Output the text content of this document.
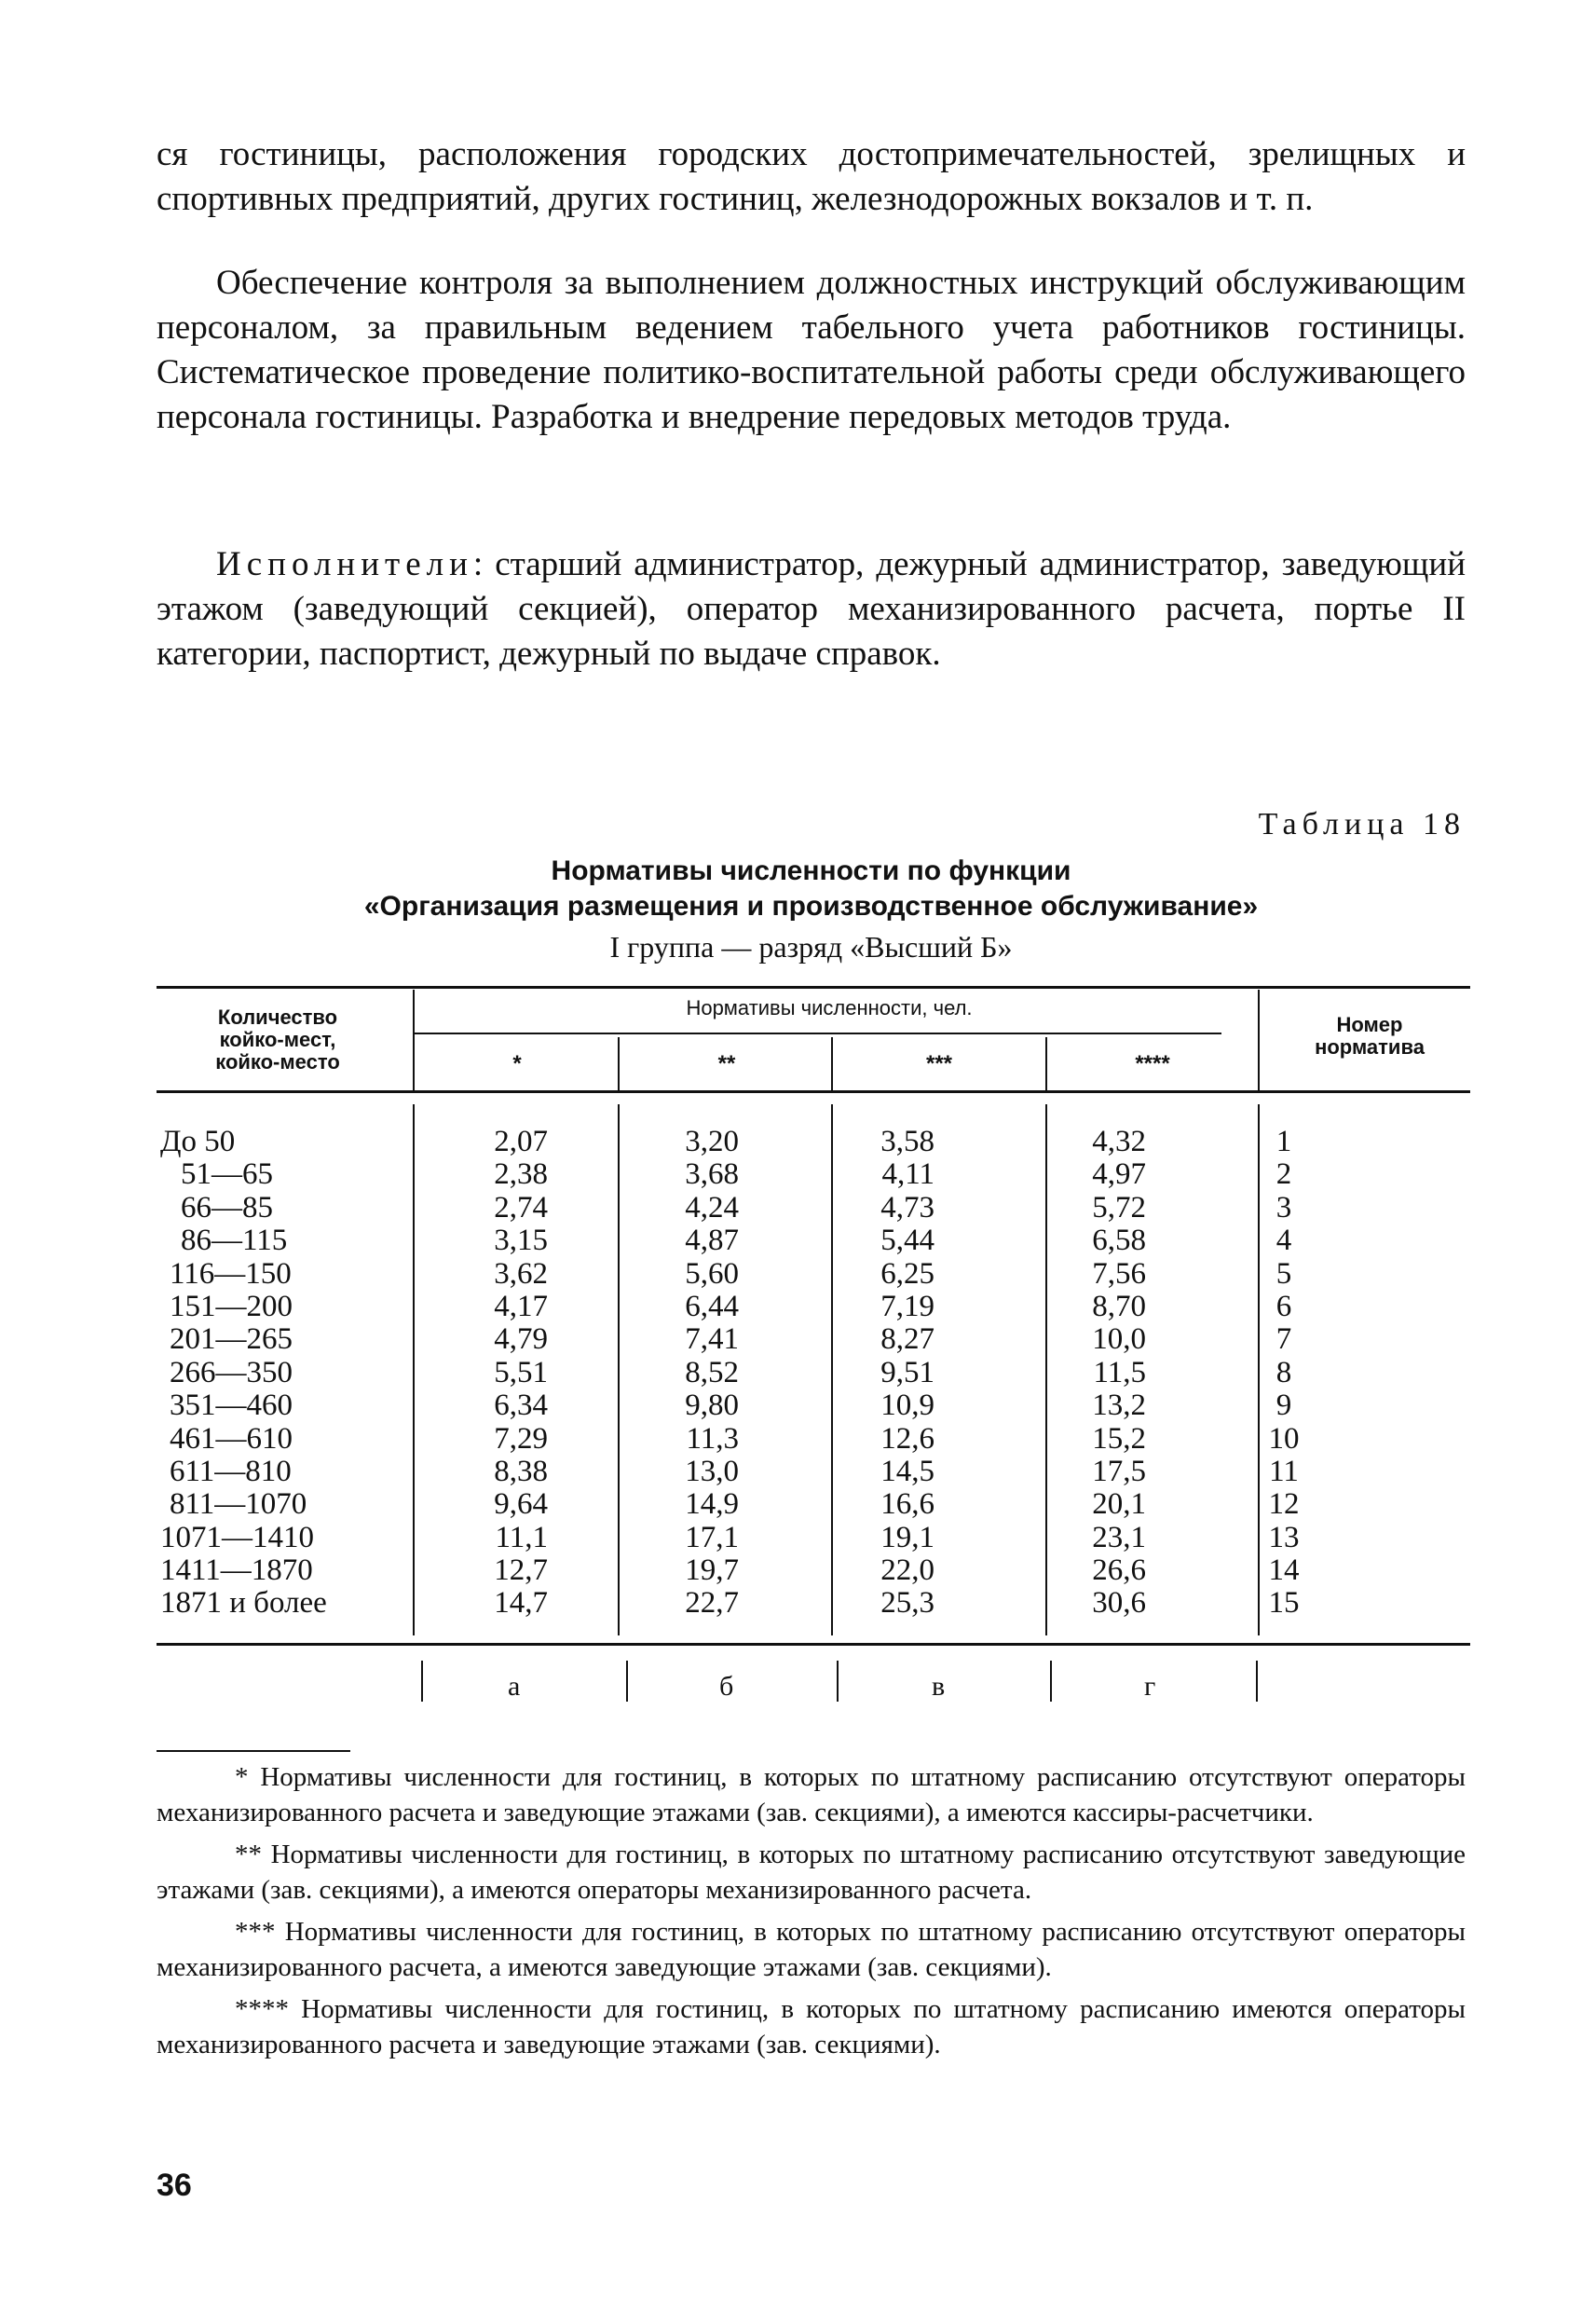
ся гостиницы, расположения городских достопримечательностей, зрелищных и спортивных предприятий, других гостиниц, железнодорожных вокзалов и т. п.

Обеспечение контроля за выполнением должностных инструкций обслуживающим персоналом, за правильным ведением табельного учета работников гостиницы. Систематическое проведение политико-воспитательной работы среди обслуживающего персонала гостиницы. Разработка и внедрение передовых методов труда.

Исполнители: старший администратор, дежурный администратор, заведующий этажом (заведующий секцией), оператор механизированного расчета, портье II категории, паспортист, дежурный по выдаче справок.

Таблица 18
Нормативы численности по функции
«Организация размещения и производственное обслуживание»
I группа — разряд «Высший Б»
Количество койко-мест, койко-место
Нормативы численности, чел.
Номер норматива
*	**	***	****
До 50	2,07	3,20	3,58	4,32	1
51—65	2,38	3,68	4,11	4,97	2
66—85	2,74	4,24	4,73	5,72	3
86—115	3,15	4,87	5,44	6,58	4
116—150	3,62	5,60	6,25	7,56	5
151—200	4,17	6,44	7,19	8,70	6
201—265	4,79	7,41	8,27	10,0	7
266—350	5,51	8,52	9,51	11,5	8
351—460	6,34	9,80	10,9	13,2	9
461—610	7,29	11,3	12,6	15,2	10
611—810	8,38	13,0	14,5	17,5	11
811—1070	9,64	14,9	16,6	20,1	12
1071—1410	11,1	17,1	19,1	23,1	13
1411—1870	12,7	19,7	22,0	26,6	14
1871 и более	14,7	22,7	25,3	30,6	15
а	б	в	г

* Нормативы численности для гостиниц, в которых по штатному расписанию отсутствуют операторы механизированного расчета и заведующие этажами (зав. секциями), а имеются кассиры-расчетчики.

** Нормативы численности для гостиниц, в которых по штатному расписанию отсутствуют заведующие этажами (зав. секциями), а имеются операторы механизированного расчета.

*** Нормативы численности для гостиниц, в которых по штатному расписанию отсутствуют операторы механизированного расчета, а имеются заведующие этажами (зав. секциями).

**** Нормативы численности для гостиниц, в которых по штатному расписанию имеются операторы механизированного расчета и заведующие этажами (зав. секциями).

36
